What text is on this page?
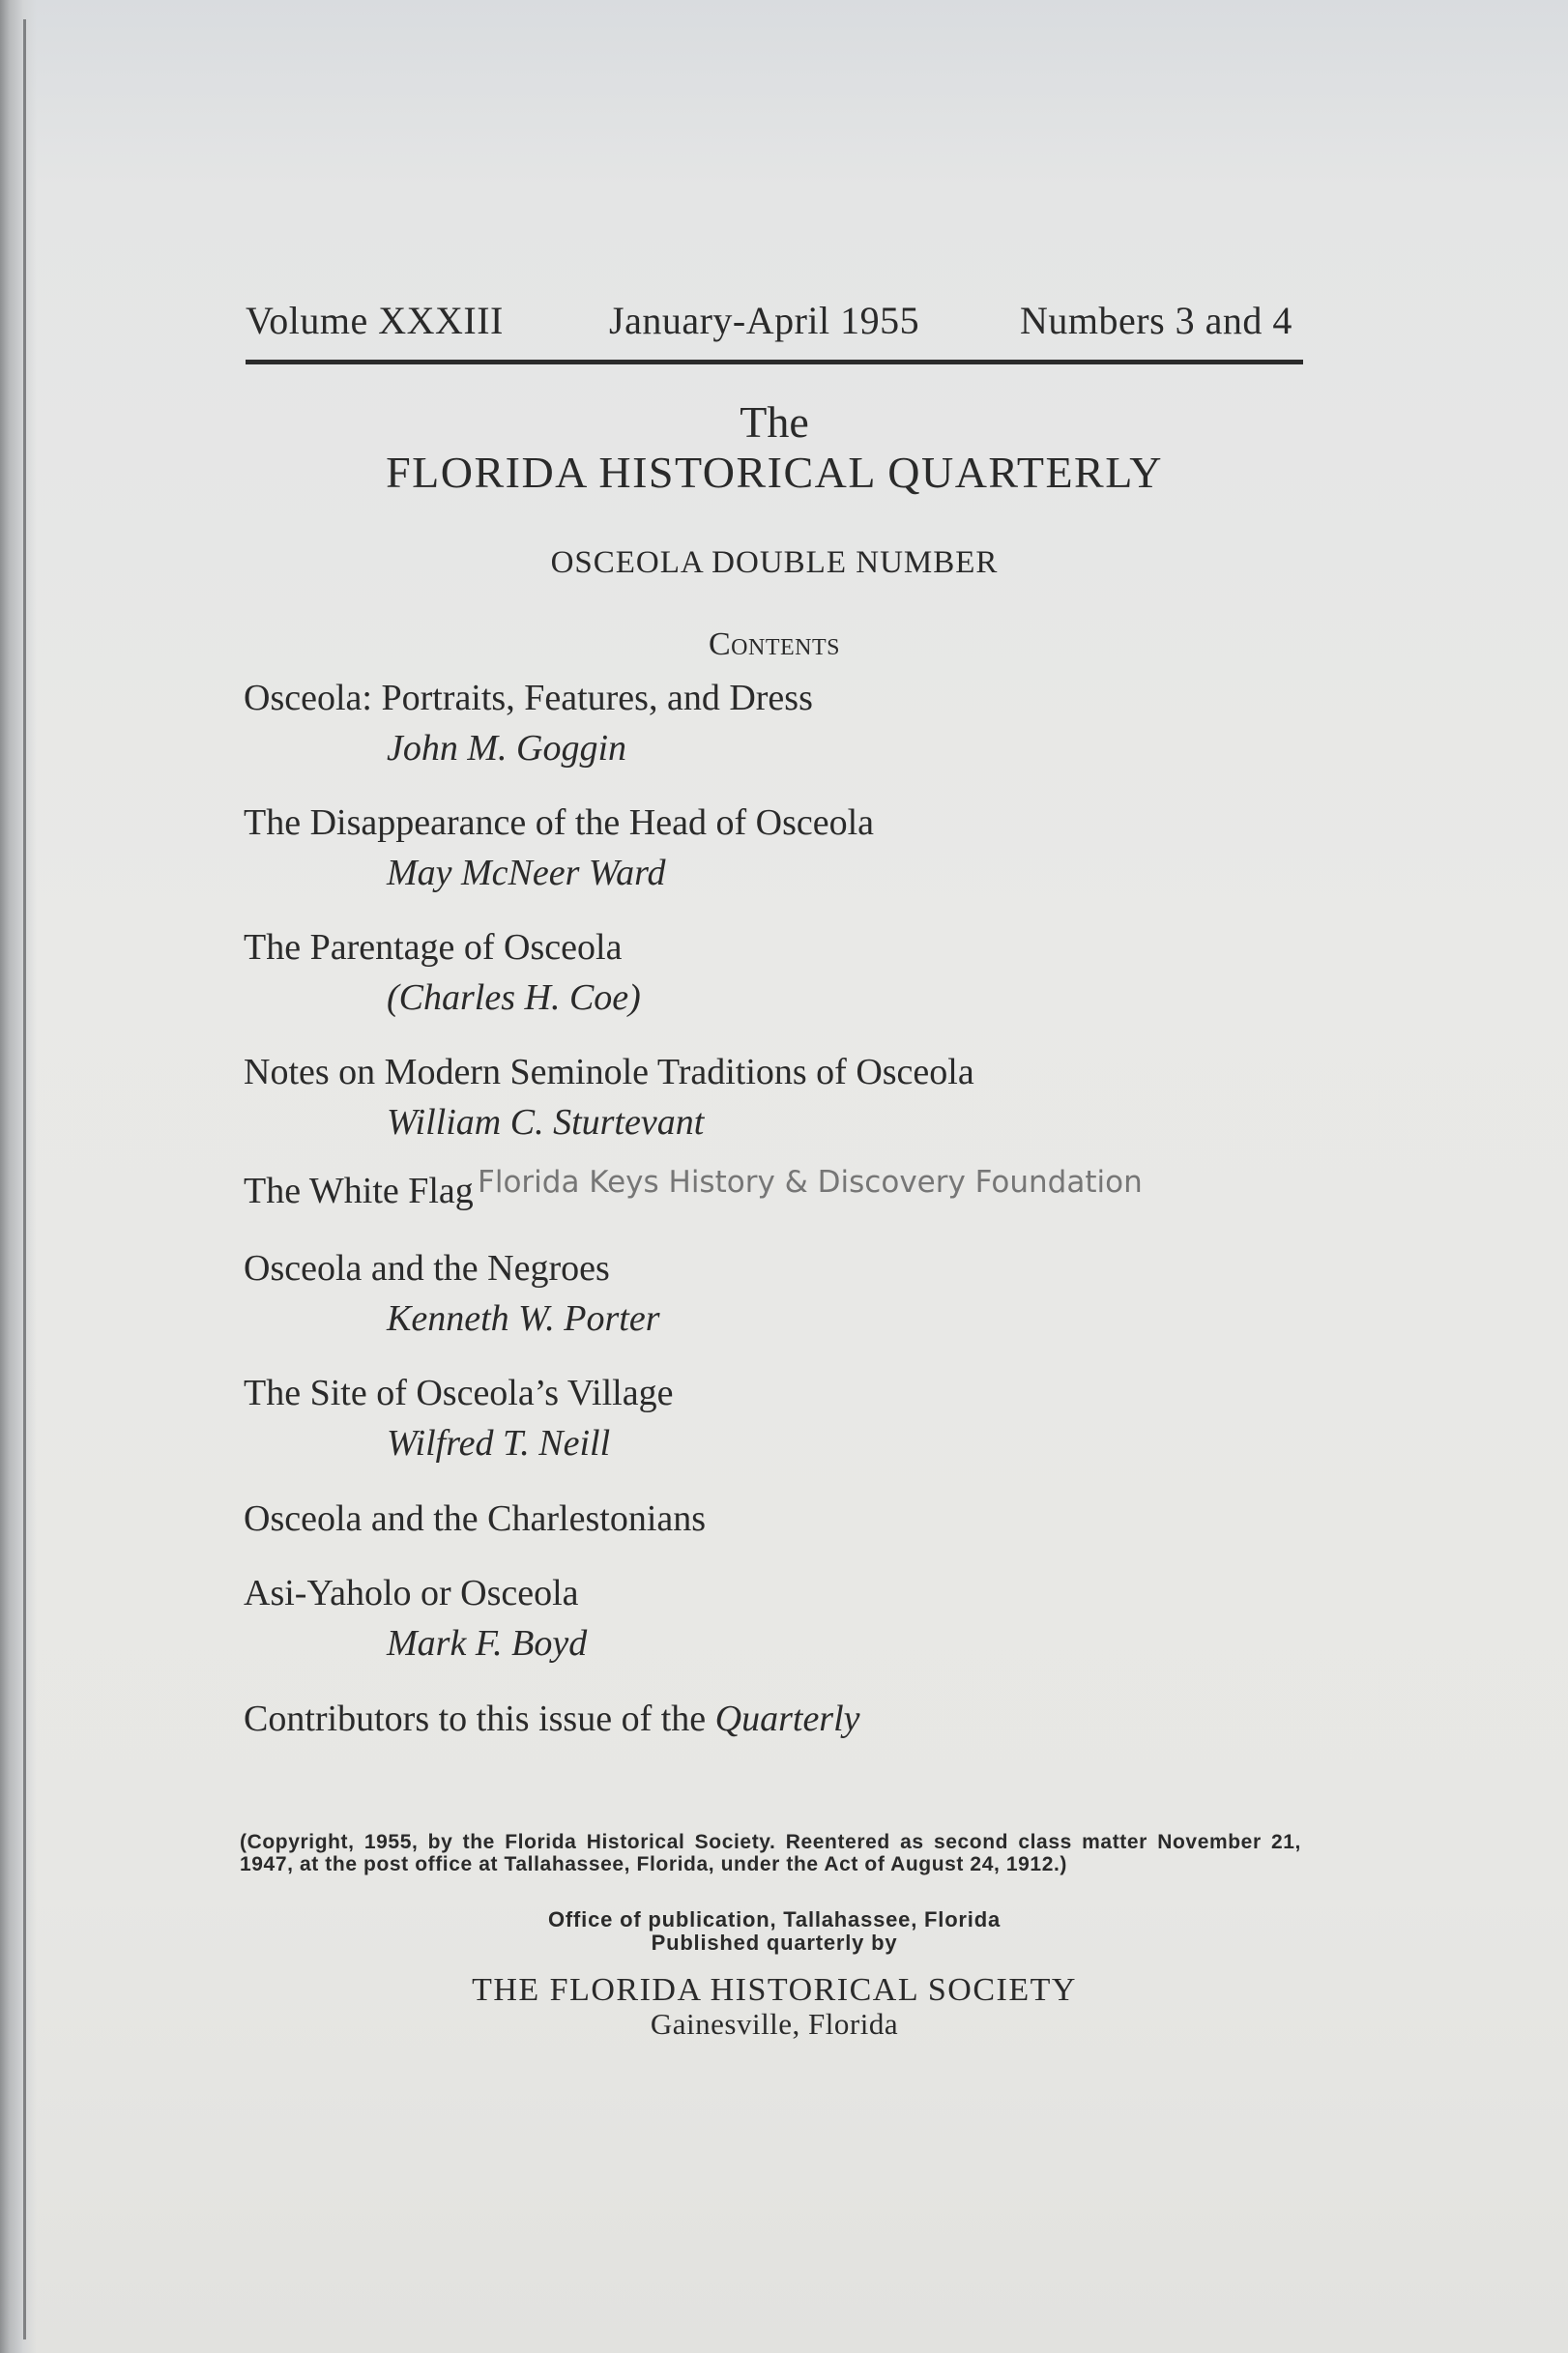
Volume XXXIII	January-April 1955	Numbers 3 and 4
The
FLORIDA HISTORICAL QUARTERLY
OSCEOLA DOUBLE NUMBER
Contents
Osceola: Portraits, Features, and Dress
John M. Goggin
The Disappearance of the Head of Osceola
May McNeer Ward
The Parentage of Osceola
(Charles H. Coe)
Notes on Modern Seminole Traditions of Osceola
William C. Sturtevant
The White Flag Florida Keys History & Discovery Foundation
Osceola and the Negroes
Kenneth W. Porter
The Site of Osceola’s Village
Wilfred T. Neill
Osceola and the Charlestonians
Asi-Yaholo or Osceola
Mark F. Boyd
Contributors to this issue of the Quarterly
(Copyright, 1955, by the Florida Historical Society. Reentered as second class matter November 21, 1947, at the post office at Tallahassee, Florida, under the Act of August 24, 1912.)
Office of publication, Tallahassee, Florida
Published quarterly by
THE FLORIDA HISTORICAL SOCIETY
Gainesville, Florida
